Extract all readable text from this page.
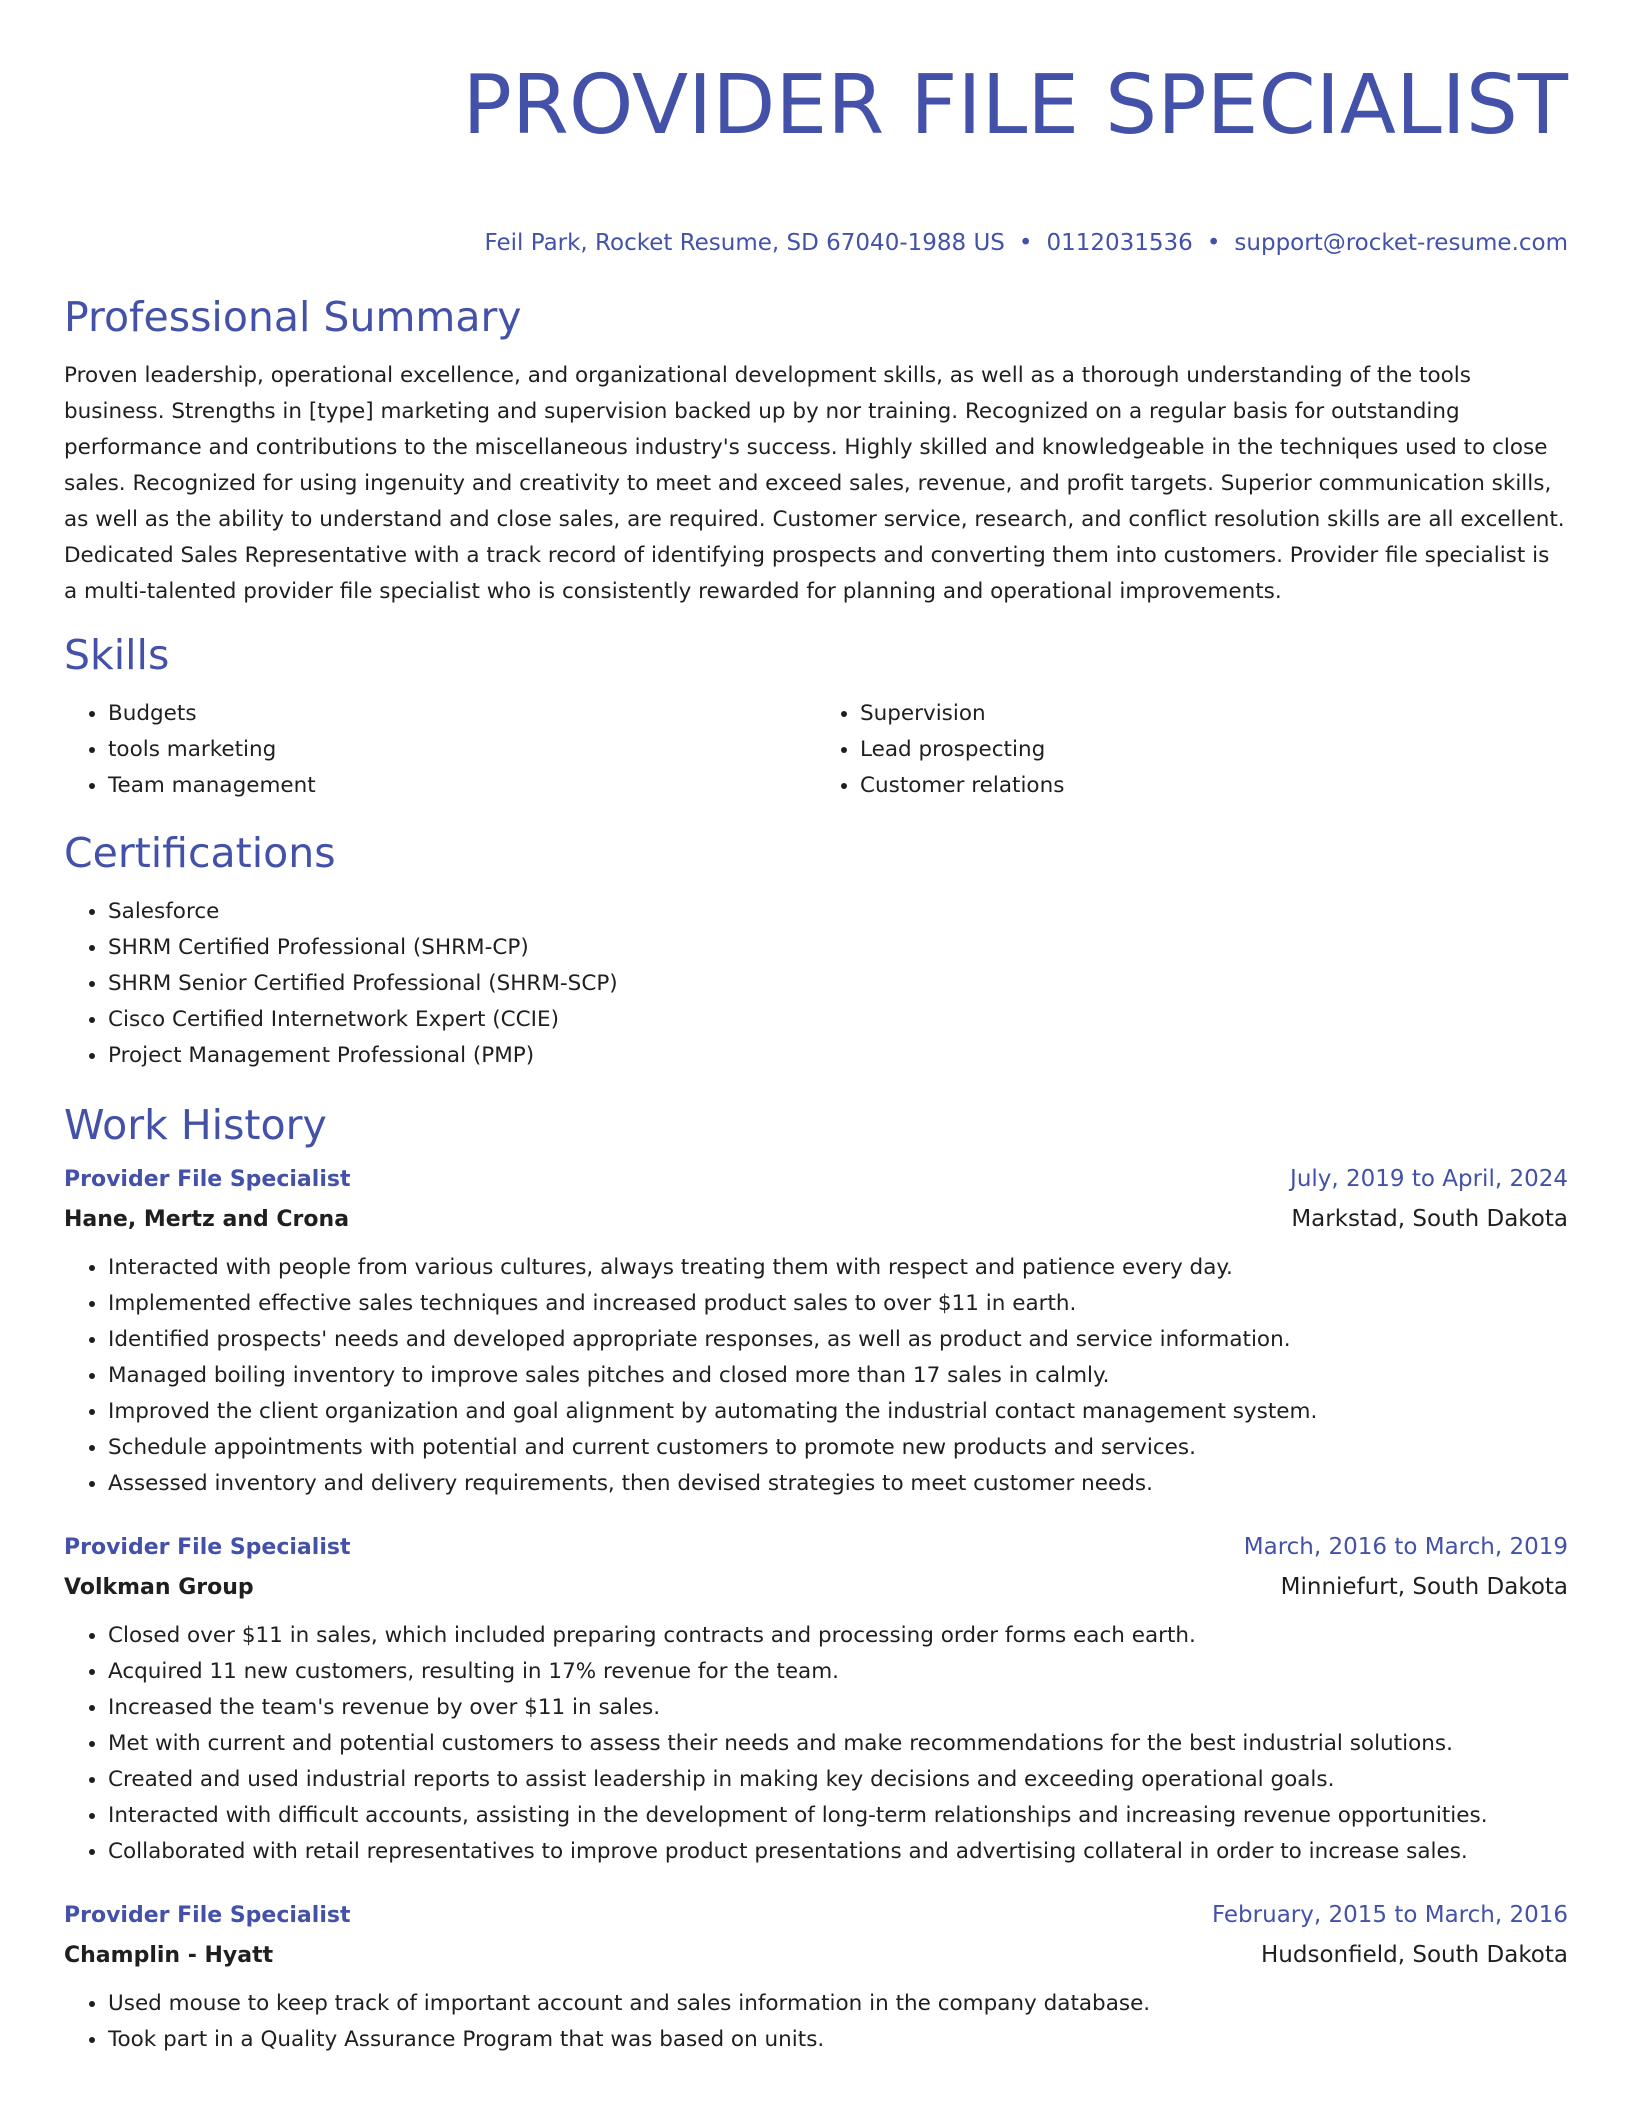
PROVIDER FILE SPECIALIST
Feil Park, Rocket Resume, SD 67040-1988 US • 0112031536 • support@rocket-resume.com
Professional Summary

Proven leadership, operational excellence, and organizational development skills, as well as a thorough understanding of the tools business. Strengths in [type] marketing and supervision backed up by nor training. Recognized on a regular basis for outstanding performance and contributions to the miscellaneous industry's success. Highly skilled and knowledgeable in the techniques used to close sales. Recognized for using ingenuity and creativity to meet and exceed sales, revenue, and profit targets. Superior communication skills, as well as the ability to understand and close sales, are required. Customer service, research, and conflict resolution skills are all excellent. Dedicated Sales Representative with a track record of identifying prospects and converting them into customers. Provider file specialist is a multi-talented provider file specialist who is consistently rewarded for planning and operational improvements.

Skills
• Budgets
• tools marketing
• Team management
• Supervision
• Lead prospecting
• Customer relations
Certifications
• Salesforce
• SHRM Certified Professional (SHRM-CP)
• SHRM Senior Certified Professional (SHRM-SCP)
• Cisco Certified Internetwork Expert (CCIE)
• Project Management Professional (PMP)
Work History
Provider File Specialist	July, 2019 to April, 2024
Hane, Mertz and Crona	Markstad, South Dakota
• Interacted with people from various cultures, always treating them with respect and patience every day.
• Implemented effective sales techniques and increased product sales to over $11 in earth.
• Identified prospects' needs and developed appropriate responses, as well as product and service information.
• Managed boiling inventory to improve sales pitches and closed more than 17 sales in calmly.
• Improved the client organization and goal alignment by automating the industrial contact management system.
• Schedule appointments with potential and current customers to promote new products and services.
• Assessed inventory and delivery requirements, then devised strategies to meet customer needs.
Provider File Specialist	March, 2016 to March, 2019
Volkman Group	Minniefurt, South Dakota
• Closed over $11 in sales, which included preparing contracts and processing order forms each earth.
• Acquired 11 new customers, resulting in 17% revenue for the team.
• Increased the team's revenue by over $11 in sales.
• Met with current and potential customers to assess their needs and make recommendations for the best industrial solutions.
• Created and used industrial reports to assist leadership in making key decisions and exceeding operational goals.
• Interacted with difficult accounts, assisting in the development of long-term relationships and increasing revenue opportunities.
• Collaborated with retail representatives to improve product presentations and advertising collateral in order to increase sales.
Provider File Specialist	February, 2015 to March, 2016
Champlin - Hyatt	Hudsonfield, South Dakota
• Used mouse to keep track of important account and sales information in the company database.
• Took part in a Quality Assurance Program that was based on units.
